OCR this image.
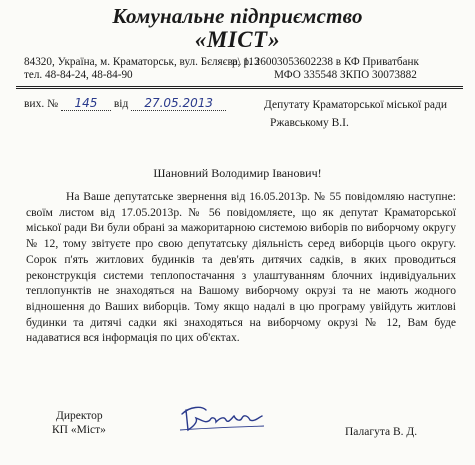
Комунальне підприємство
«МІСТ»
84320, Україна, м. Краматорськ, вул. Бєляєва, 113
тел. 48-84-24, 48-84-90
р\ р. 26003053602238 в КФ Приватбанк
МФО 335548 ЗКПО 30073882
вих. № 145 від 27.05.2013	Депутату Краматорської міської ради
Ржавському В.І.
Шановний Володимир Іванович!
На Ваше депутатське звернення від 16.05.2013р. № 55 повідомляю наступне: своїм листом від 17.05.2013р. № 56 повідомляєте, що як депутат Краматорської міської ради Ви були обрані за мажоритарною системою виборів по виборчому округу № 12, тому звітуєте про свою депутатську діяльність серед виборців цього округу. Сорок п'ять житлових будинків та дев'ять дитячих садків, в яких проводиться реконструкція системи теплопостачання з улаштуванням блочних індивідуальних теплопунктів не знаходяться на Вашому виборчому окрузі та не мають жодного відношення до Ваших виборців. Тому якщо надалі в цю програму увійдуть житлові будинки та дитячі садки які знаходяться на виборчому окрузі № 12, Вам буде надаватися вся інформація по цих об'єктах.
Директор
КП «Міст»	Палагута В. Д.
